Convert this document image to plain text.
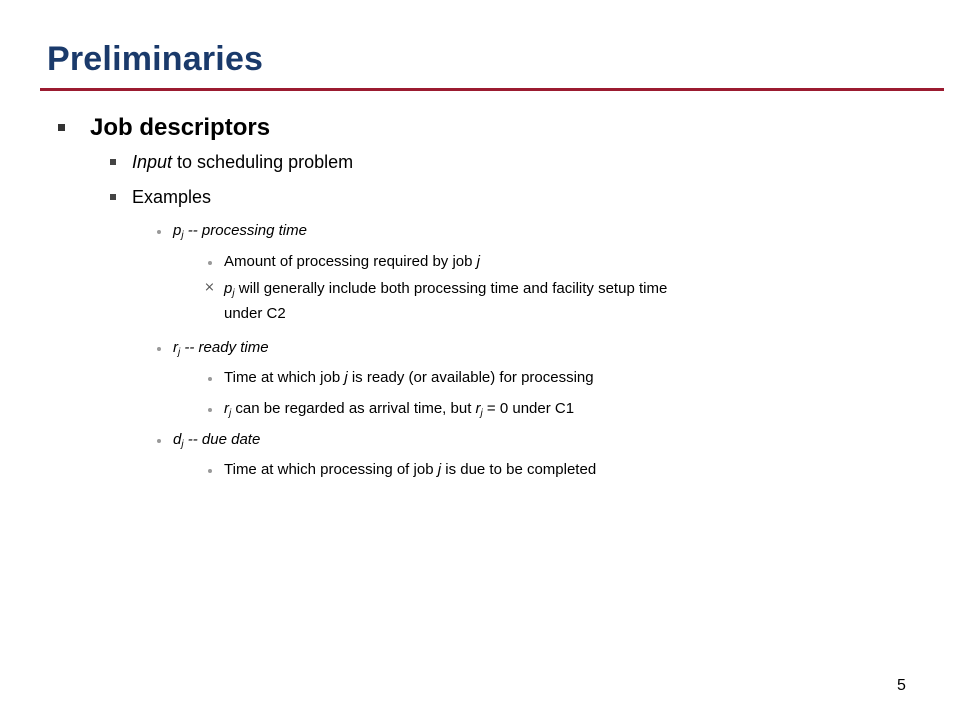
Preliminaries
Job descriptors
Input to scheduling problem
Examples
$p_j$ -- processing time
Amount of processing required by job j
⨯ $p_j$ will generally include both processing time and facility setup time
under C2
$r_j$ -- ready time
Time at which job j is ready (or available) for processing
$r_j$ can be regarded as arrival time, but $r_j = 0$ under C1
$d_j$ -- due date
Time at which processing of job j is due to be completed
5
